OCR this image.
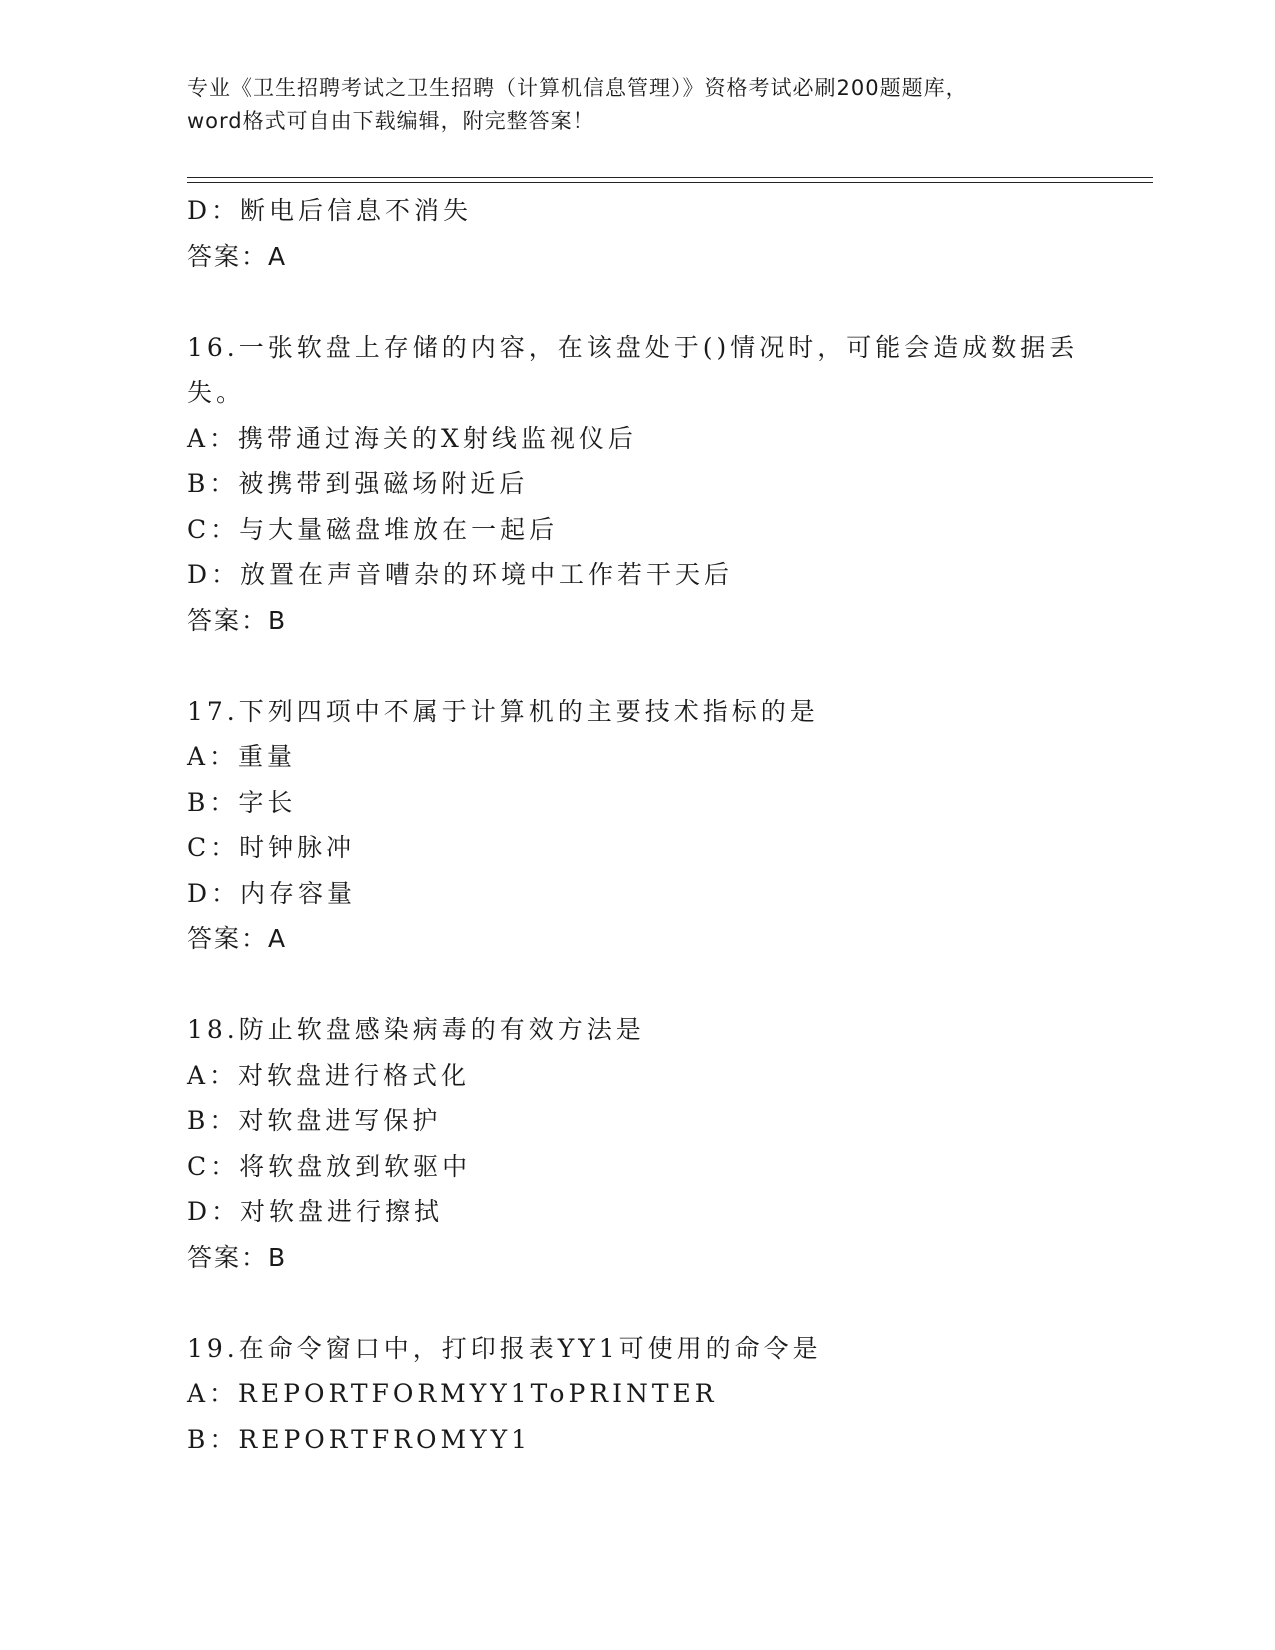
专业《卫生招聘考试之卫生招聘（计算机信息管理）》资格考试必刷200题题库，
word格式可自由下载编辑，附完整答案！
D：断电后信息不消失
答案：A
16.一张软盘上存储的内容，在该盘处于()情况时，可能会造成数据丢
失。
A：携带通过海关的X射线监视仪后
B：被携带到强磁场附近后
C：与大量磁盘堆放在一起后
D：放置在声音嘈杂的环境中工作若干天后
答案：B
17.下列四项中不属于计算机的主要技术指标的是
A：重量
B：字长
C：时钟脉冲
D：内存容量
答案：A
18.防止软盘感染病毒的有效方法是
A：对软盘进行格式化
B：对软盘进写保护
C：将软盘放到软驱中
D：对软盘进行擦拭
答案：B
19.在命令窗口中，打印报表YY1可使用的命令是
A：REPORTFORMYY1ToPRINTER
B：REPORTFROMYY1
